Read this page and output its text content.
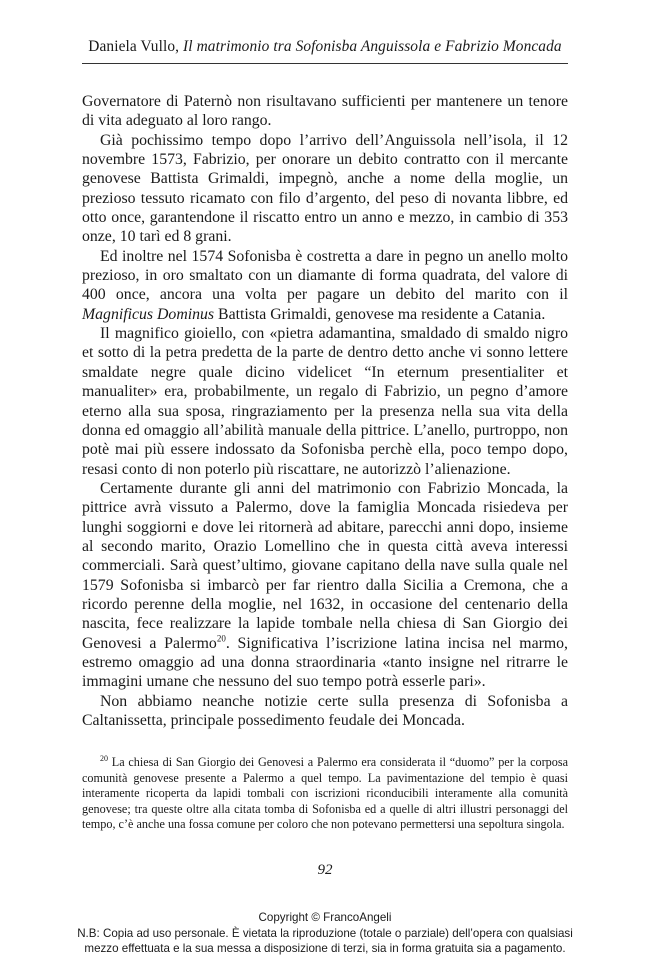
Daniela Vullo, Il matrimonio tra Sofonisba Anguissola e Fabrizio Moncada

Governatore di Paternò non risultavano sufficienti per mantenere un tenore di vita adeguato al loro rango.

Già pochissimo tempo dopo l’arrivo dell’Anguissola nell’isola, il 12 novembre 1573, Fabrizio, per onorare un debito contratto con il mercante genovese Battista Grimaldi, impegnò, anche a nome della moglie, un prezioso tessuto ricamato con filo d’argento, del peso di novanta libbre, ed otto once, garantendone il riscatto entro un anno e mezzo, in cambio di 353 onze, 10 tarì ed 8 grani.

Ed inoltre nel 1574 Sofonisba è costretta a dare in pegno un anello molto prezioso, in oro smaltato con un diamante di forma quadrata, del valore di 400 once, ancora una volta per pagare un debito del marito con il Magnificus Dominus Battista Grimaldi, genovese ma residente a Catania.

Il magnifico gioiello, con «pietra adamantina, smaldado di smaldo nigro et sotto di la petra predetta de la parte de dentro detto anche vi sonno lettere smaldate negre quale dicino videlicet “In eternum presentialiter et manualiter» era, probabilmente, un regalo di Fabrizio, un pegno d’amore eterno alla sua sposa, ringraziamento per la presenza nella sua vita della donna ed omaggio all’abilità manuale della pittrice. L’anello, purtroppo, non potè mai più essere indossato da Sofonisba perchè ella, poco tempo dopo, resasi conto di non poterlo più riscattare, ne autorizzò l’alienazione.

Certamente durante gli anni del matrimonio con Fabrizio Moncada, la pittrice avrà vissuto a Palermo, dove la famiglia Moncada risiedeva per lunghi soggiorni e dove lei ritornerà ad abitare, parecchi anni dopo, insieme al secondo marito, Orazio Lomellino che in questa città aveva interessi commerciali. Sarà quest’ultimo, giovane capitano della nave sulla quale nel 1579 Sofonisba si imbarcò per far rientro dalla Sicilia a Cremona, che a ricordo perenne della moglie, nel 1632, in occasione del centenario della nascita, fece realizzare la lapide tombale nella chiesa di San Giorgio dei Genovesi a Palermo$^{20}$. Significativa l’iscrizione latina incisa nel marmo, estremo omaggio ad una donna straordinaria «tanto insigne nel ritrarre le immagini umane che nessuno del suo tempo potrà esserle pari».

Non abbiamo neanche notizie certe sulla presenza di Sofonisba a Caltanissetta, principale possedimento feudale dei Moncada.

$^{20}$ La chiesa di San Giorgio dei Genovesi a Palermo era considerata il “duomo” per la corposa comunità genovese presente a Palermo a quel tempo. La pavimentazione del tempio è quasi interamente ricoperta da lapidi tombali con iscrizioni riconducibili interamente alla comunità genovese; tra queste oltre alla citata tomba di Sofonisba ed a quelle di altri illustri personaggi del tempo, c’è anche una fossa comune per coloro che non potevano permettersi una sepoltura singola.

92
Copyright © FrancoAngeli
N.B: Copia ad uso personale. È vietata la riproduzione (totale o parziale) dell’opera con qualsiasi
mezzo effettuata e la sua messa a disposizione di terzi, sia in forma gratuita sia a pagamento.
